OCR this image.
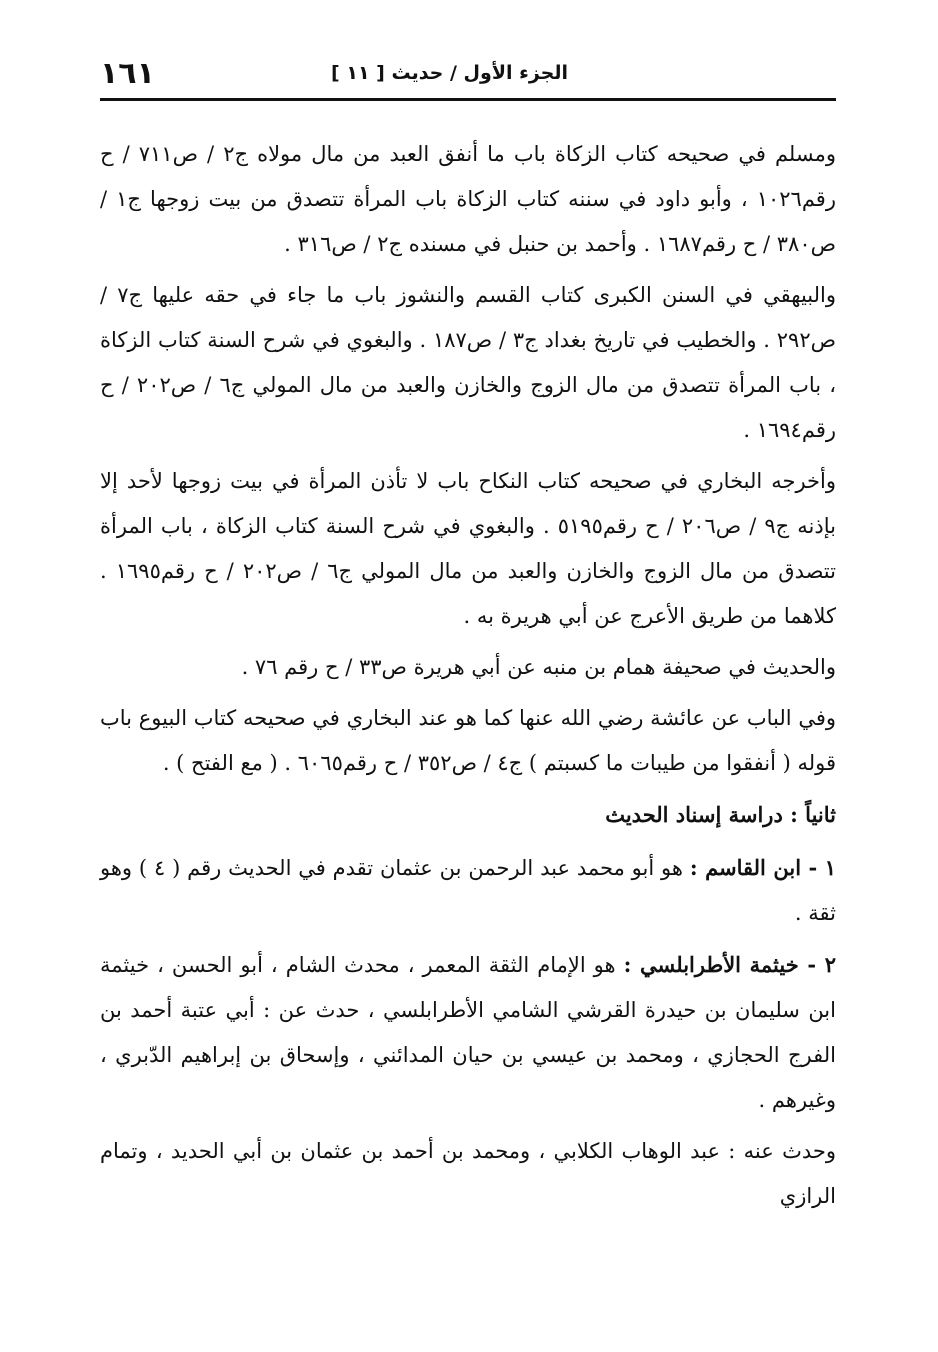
الجزء الأول / حديث [ ١١ ]
١٦١

ومسلم في صحيحه كتاب الزكاة باب ما أنفق العبد من مال مولاه ج٢ / ص٧١١ / ح رقم١٠٢٦ ، وأبو داود في سننه كتاب الزكاة باب المرأة تتصدق من بيت زوجها ج١ / ص٣٨٠ / ح رقم١٦٨٧ . وأحمد بن حنبل في مسنده ج٢ / ص٣١٦ .

والبيهقي في السنن الكبرى كتاب القسم والنشوز باب ما جاء في حقه عليها ج٧ / ص٢٩٢ . والخطيب في تاريخ بغداد ج٣ / ص١٨٧ . والبغوي في شرح السنة كتاب الزكاة ، باب المرأة تتصدق من مال الزوج والخازن والعبد من مال المولي ج٦ / ص٢٠٢ / ح رقم١٦٩٤ .

وأخرجه البخاري في صحيحه كتاب النكاح باب لا تأذن المرأة في بيت زوجها لأحد إلا بإذنه ج٩ / ص٢٠٦ / ح رقم٥١٩٥ . والبغوي في شرح السنة كتاب الزكاة ، باب المرأة تتصدق من مال الزوج والخازن والعبد من مال المولي ج٦ / ص٢٠٢ / ح رقم١٦٩٥ . كلاهما من طريق الأعرج عن أبي هريرة به .

والحديث في صحيفة همام بن منبه عن أبي هريرة ص٣٣ / ح رقم ٧٦ .

وفي الباب عن عائشة رضي الله عنها كما هو عند البخاري في صحيحه كتاب البيوع باب قوله ( أنفقوا من طيبات ما كسبتم ) ج٤ / ص٣٥٢ / ح رقم٦٠٦٥ . ( مع الفتح ) .

ثانياً : دراسة إسناد الحديث

١ - ابن القاسم : هو أبو محمد عبد الرحمن بن عثمان تقدم في الحديث رقم ( ٤ ) وهو ثقة .

٢ - خيثمة الأطرابلسي : هو الإمام الثقة المعمر ، محدث الشام ، أبو الحسن ، خيثمة ابن سليمان بن حيدرة القرشي الشامي الأطرابلسي ، حدث عن : أبي عتبة أحمد بن الفرج الحجازي ، ومحمد بن عيسي بن حيان المدائني ، وإسحاق بن إبراهيم الدّبري ، وغيرهم .

وحدث عنه : عبد الوهاب الكلابي ، ومحمد بن أحمد بن عثمان بن أبي الحديد ، وتمام الرازي
